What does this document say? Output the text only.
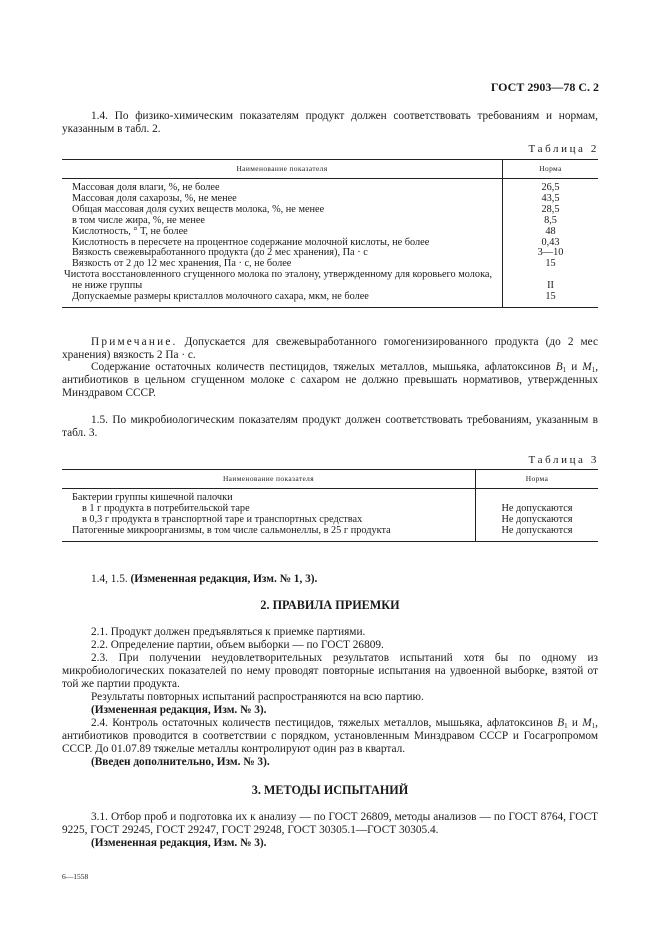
ГОСТ 2903—78 С. 2
1.4. По физико-химическим показателям продукт должен соответствовать требованиям и нормам, указанным в табл. 2.
Таблица 2
Наименование показателя	Норма
Массовая доля влаги, %, не более	26,5
Массовая доля сахарозы, %, не менее	43,5
Общая массовая доля сухих веществ молока, %, не менее	28,5
в том числе жира, %, не менее	8,5
Кислотность, ° Т, не более	48
Кислотность в пересчете на процентное содержание молочной кислоты, не более	0,43
Вязкость свежевыработанного продукта (до 2 мес хранения), Па · с	3—10
Вязкость от 2 до 12 мес хранения, Па · с, не более	15
Чистота восстановленного сгущенного молока по эталону, утвержденному для коровьего молока, не ниже группы	II
Допускаемые размеры кристаллов молочного сахара, мкм, не более	15
Примечание. Допускается для свежевыработанного гомогенизированного продукта (до 2 мес хранения) вязкость 2 Па · с.
Содержание остаточных количеств пестицидов, тяжелых металлов, мышьяка, афлатоксинов $B_1$ и $M_1$, антибиотиков в цельном сгущенном молоке с сахаром не должно превышать нормативов, утвержденных Минздравом СССР.
1.5. По микробиологическим показателям продукт должен соответствовать требованиям, указанным в табл. 3.
Таблица 3
Наименование показателя	Норма
Бактерии группы кишечной палочки	
в 1 г продукта в потребительской таре	Не допускаются
в 0,3 г продукта в транспортной таре и транспортных средствах	Не допускаются
Патогенные микроорганизмы, в том числе сальмонеллы, в 25 г продукта	Не допускаются
1.4, 1.5. (Измененная редакция, Изм. № 1, 3).
2. ПРАВИЛА ПРИЕМКИ
2.1. Продукт должен предъявляться к приемке партиями.
2.2. Определение партии, объем выборки — по ГОСТ 26809.
2.3. При получении неудовлетворительных результатов испытаний хотя бы по одному из микробиологических показателей по нему проводят повторные испытания на удвоенной выборке, взятой от той же партии продукта.
Результаты повторных испытаний распространяются на всю партию.
(Измененная редакция, Изм. № 3).
2.4. Контроль остаточных количеств пестицидов, тяжелых металлов, мышьяка, афлатоксинов $B_1$ и $M_1$, антибиотиков проводится в соответствии с порядком, установленным Минздравом СССР и Госагропромом СССР. До 01.07.89 тяжелые металлы контролируют один раз в квартал.
(Введен дополнительно, Изм. № 3).
3. МЕТОДЫ ИСПЫТАНИЙ
3.1. Отбор проб и подготовка их к анализу — по ГОСТ 26809, методы анализов — по ГОСТ 8764, ГОСТ 9225, ГОСТ 29245, ГОСТ 29247, ГОСТ 29248, ГОСТ 30305.1—ГОСТ 30305.4.
(Измененная редакция, Изм. № 3).
6—1558
